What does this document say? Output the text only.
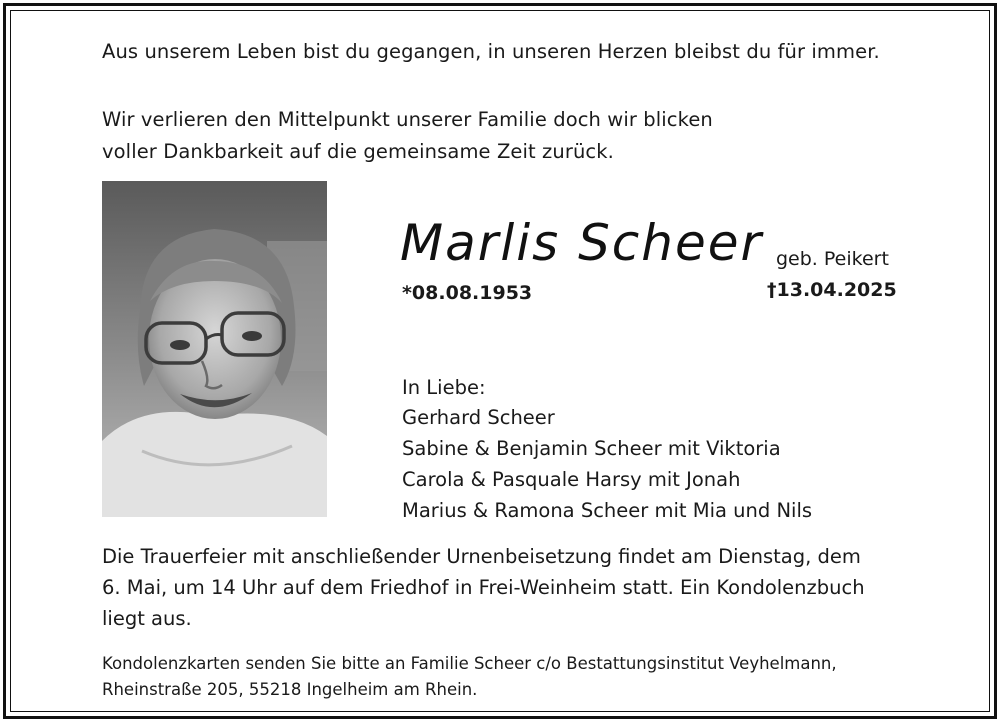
Aus unserem Leben bist du gegangen, in unseren Herzen bleibst du für immer.
Wir verlieren den Mittelpunkt unserer Familie doch wir blicken
voller Dankbarkeit auf die gemeinsame Zeit zurück.
Marlis Scheer geb. Peikert
*08.08.1953	†13.04.2025
In Liebe:
Gerhard Scheer
Sabine & Benjamin Scheer mit Viktoria
Carola & Pasquale Harsy mit Jonah
Marius & Ramona Scheer mit Mia und Nils
Die Trauerfeier mit anschließender Urnenbeisetzung findet am Dienstag, dem
6. Mai, um 14 Uhr auf dem Friedhof in Frei-Weinheim statt. Ein Kondolenzbuch
liegt aus.
Kondolenzkarten senden Sie bitte an Familie Scheer c/o Bestattungsinstitut Veyhelmann,
Rheinstraße 205, 55218 Ingelheim am Rhein.
